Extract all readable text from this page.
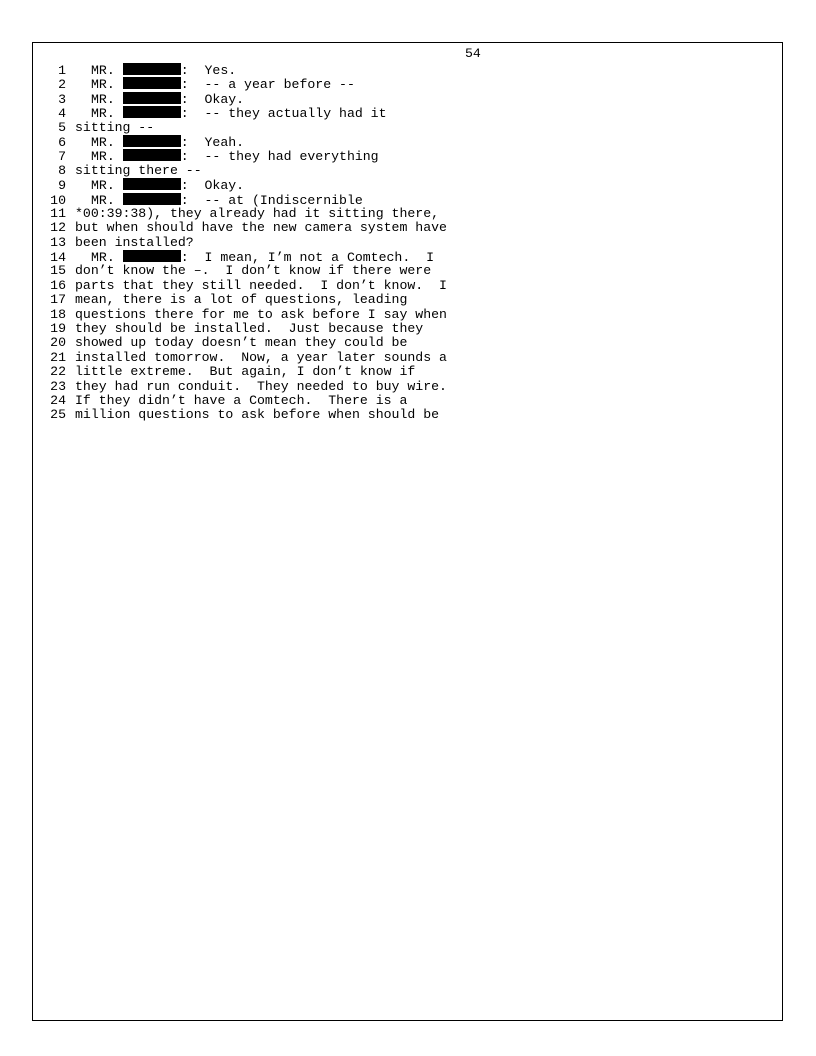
54
1 MR.	:  Yes.
2 MR.	:  -- a year before --
3 MR.	:  Okay.
4 MR.	:  -- they actually had it
5 sitting --
6 MR.	:  Yeah.
7 MR.	:  -- they had everything
8 sitting there --
9 MR.	:  Okay.
10 MR.	:  -- at (Indiscernible
11 *00:39:38), they already had it sitting there,
12 but when should have the new camera system have
13 been installed?
14 MR.	:  I mean, I’m not a Comtech.  I
15 don’t know the –.  I don’t know if there were
16 parts that they still needed.  I don’t know.  I
17 mean, there is a lot of questions, leading
18 questions there for me to ask before I say when
19 they should be installed.  Just because they
20 showed up today doesn’t mean they could be
21 installed tomorrow.  Now, a year later sounds a
22 little extreme.  But again, I don’t know if
23 they had run conduit.  They needed to buy wire.
24 If they didn’t have a Comtech.  There is a
25 million questions to ask before when should be
